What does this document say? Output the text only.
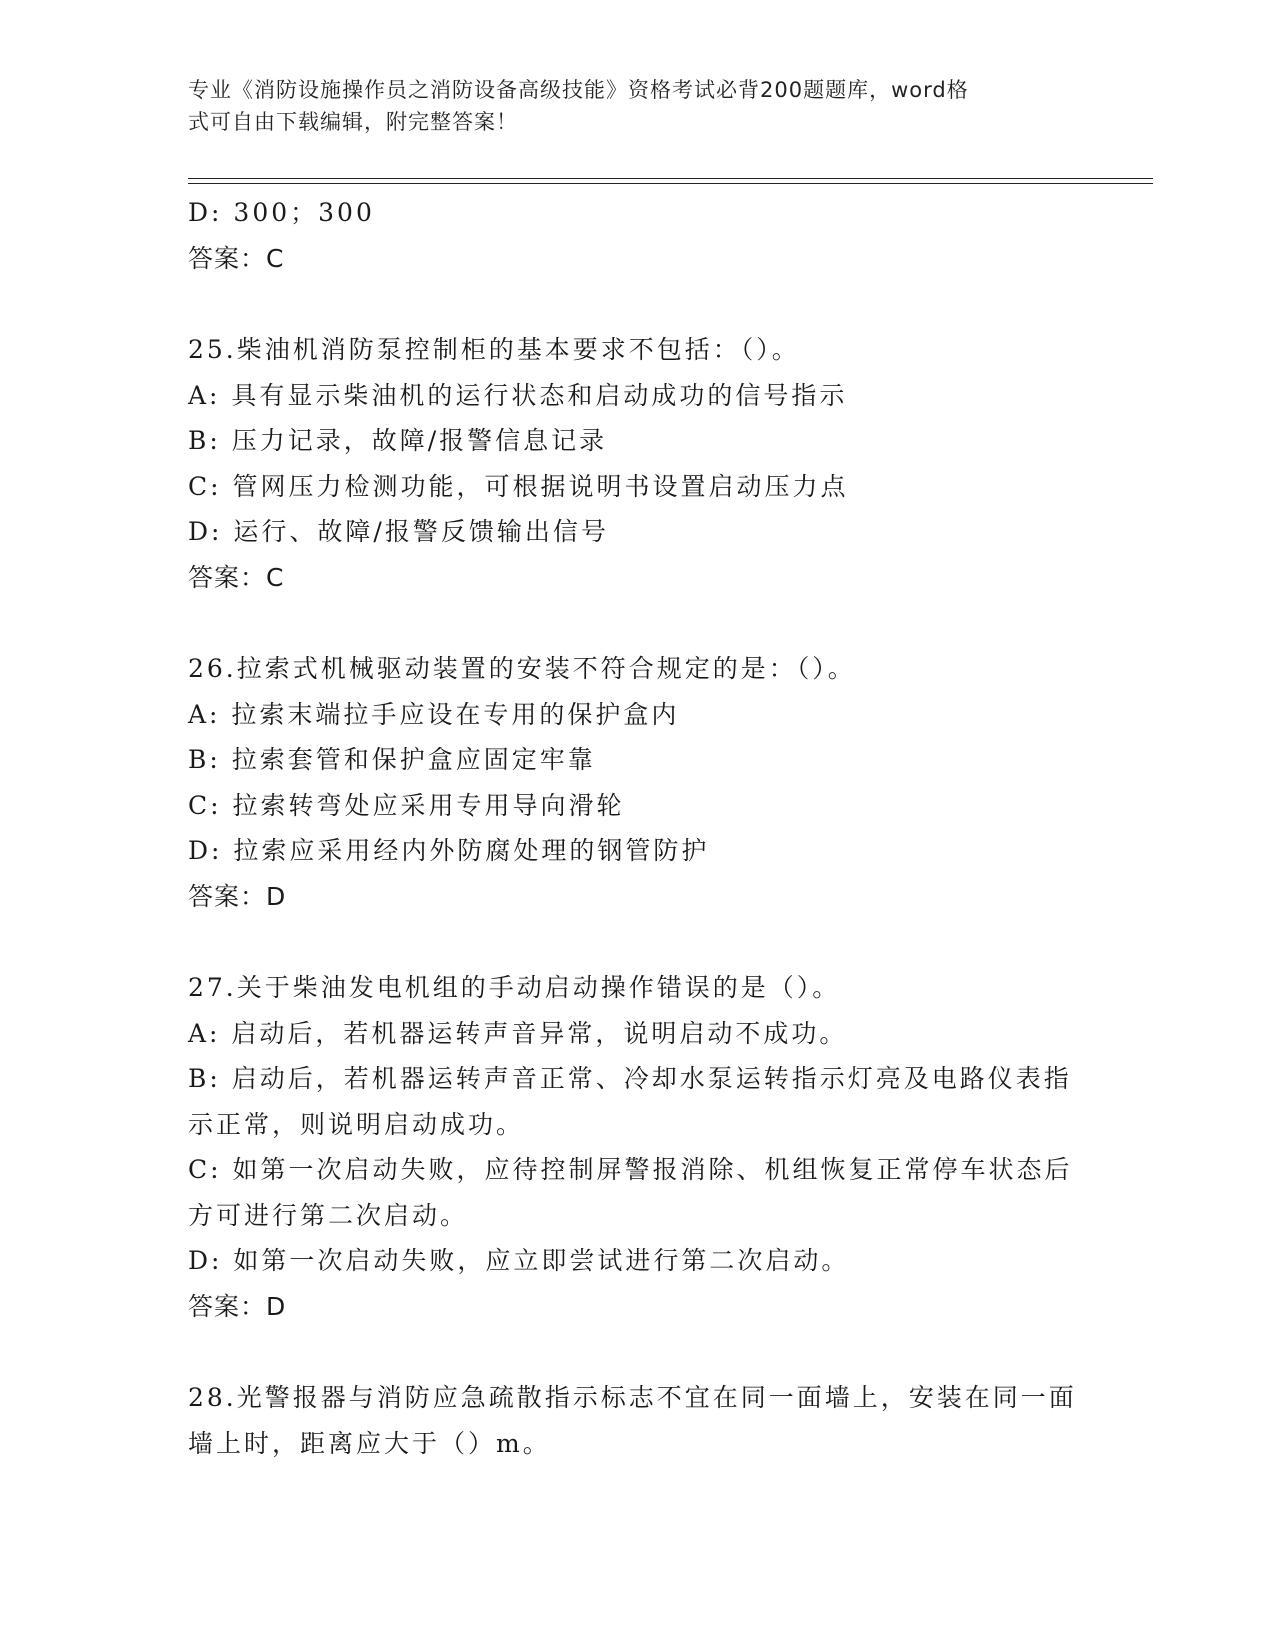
专业《消防设施操作员之消防设备高级技能》资格考试必背200题题库，word格
式可自由下载编辑，附完整答案！

D: 300；300

答案：C

25.柴油机消防泵控制柜的基本要求不包括：（）。

A: 具有显示柴油机的运行状态和启动成功的信号指示

B: 压力记录，故障/报警信息记录

C: 管网压力检测功能，可根据说明书设置启动压力点

D: 运行、故障/报警反馈输出信号

答案：C

26.拉索式机械驱动装置的安装不符合规定的是：（）。

A: 拉索末端拉手应设在专用的保护盒内

B: 拉索套管和保护盒应固定牢靠

C: 拉索转弯处应采用专用导向滑轮

D: 拉索应采用经内外防腐处理的钢管防护

答案：D

27.关于柴油发电机组的手动启动操作错误的是（）。

A: 启动后，若机器运转声音异常，说明启动不成功。

B: 启动后，若机器运转声音正常、冷却水泵运转指示灯亮及电路仪表指示正常，则说明启动成功。

C: 如第一次启动失败，应待控制屏警报消除、机组恢复正常停车状态后方可进行第二次启动。

D: 如第一次启动失败，应立即尝试进行第二次启动。

答案：D

28.光警报器与消防应急疏散指示标志不宜在同一面墙上，安装在同一面墙上时，距离应大于（）m。
